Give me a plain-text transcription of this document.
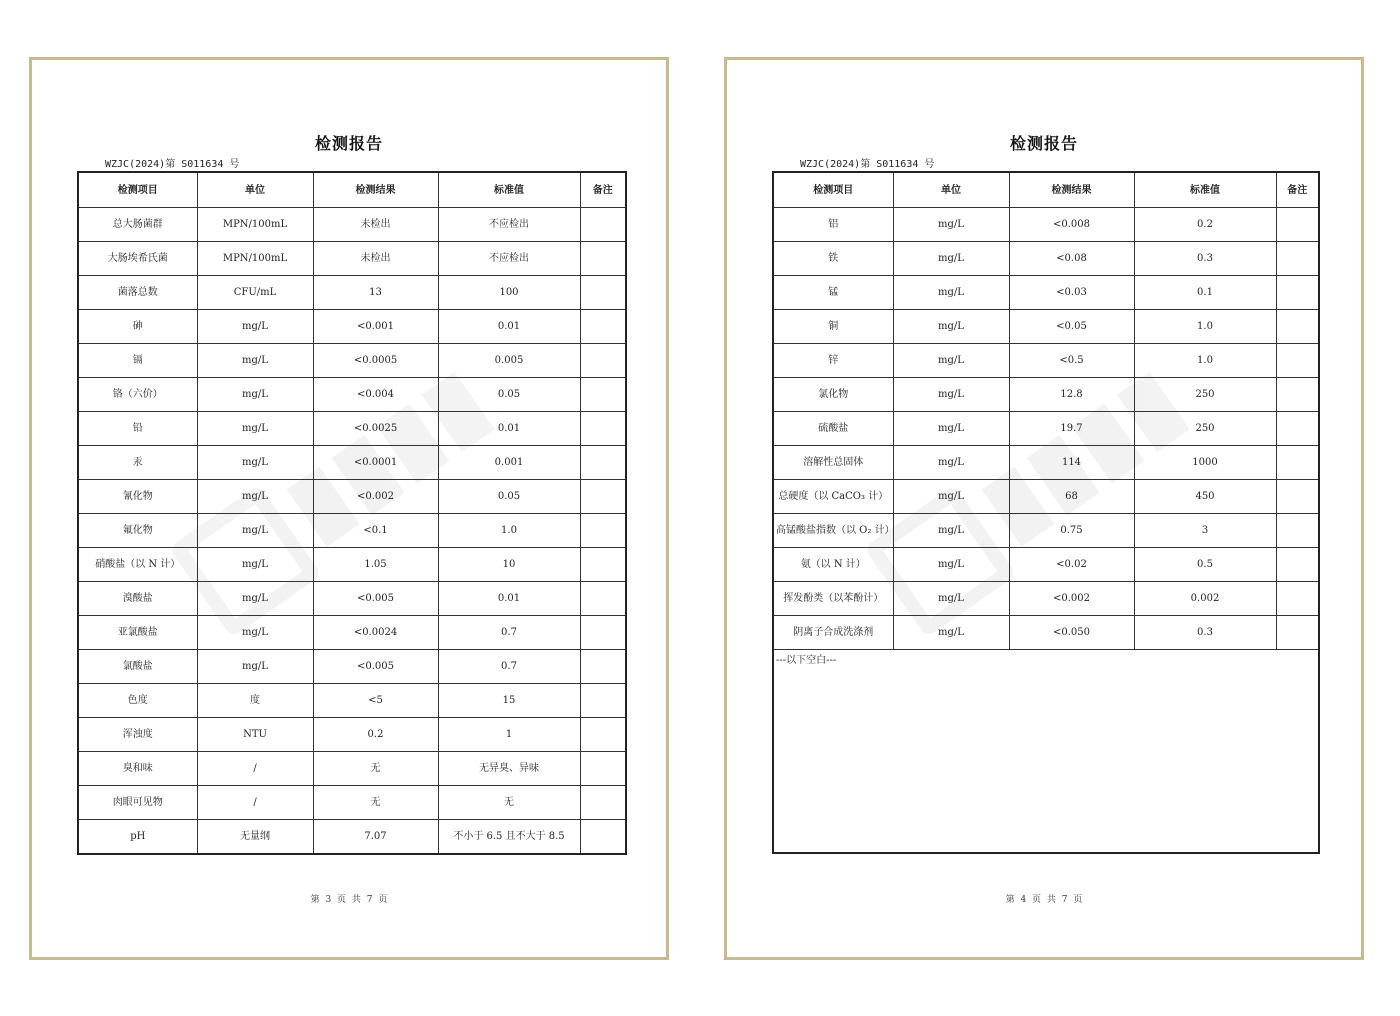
检测报告
WZJC(2024)第 S011634 号
检测项目	单位	检测结果	标准值	备注
总大肠菌群	MPN/100mL	未检出	不应检出	
大肠埃希氏菌	MPN/100mL	未检出	不应检出	
菌落总数	CFU/mL	13	100	
砷	mg/L	<0.001	0.01	
镉	mg/L	<0.0005	0.005	
铬（六价）	mg/L	<0.004	0.05	
铅	mg/L	<0.0025	0.01	
汞	mg/L	<0.0001	0.001	
氰化物	mg/L	<0.002	0.05	
氟化物	mg/L	<0.1	1.0	
硝酸盐（以 N 计）	mg/L	1.05	10	
溴酸盐	mg/L	<0.005	0.01	
亚氯酸盐	mg/L	<0.0024	0.7	
氯酸盐	mg/L	<0.005	0.7	
色度	度	<5	15	
浑浊度	NTU	0.2	1	
臭和味	/	无	无异臭、异味	
肉眼可见物	/	无	无	
pH	无量纲	7.07	不小于 6.5 且不大于 8.5	
第 3 页 共 7 页
检测报告
WZJC(2024)第 S011634 号
检测项目	单位	检测结果	标准值	备注
铝	mg/L	<0.008	0.2	
铁	mg/L	<0.08	0.3	
锰	mg/L	<0.03	0.1	
铜	mg/L	<0.05	1.0	
锌	mg/L	<0.5	1.0	
氯化物	mg/L	12.8	250	
硫酸盐	mg/L	19.7	250	
溶解性总固体	mg/L	114	1000	
总硬度（以 CaCO₃ 计）	mg/L	68	450	
高锰酸盐指数（以 O₂ 计）	mg/L	0.75	3	
氨（以 N 计）	mg/L	<0.02	0.5	
挥发酚类（以苯酚计）	mg/L	<0.002	0.002	
阴离子合成洗涤剂	mg/L	<0.050	0.3	
---以下空白---
第 4 页 共 7 页
